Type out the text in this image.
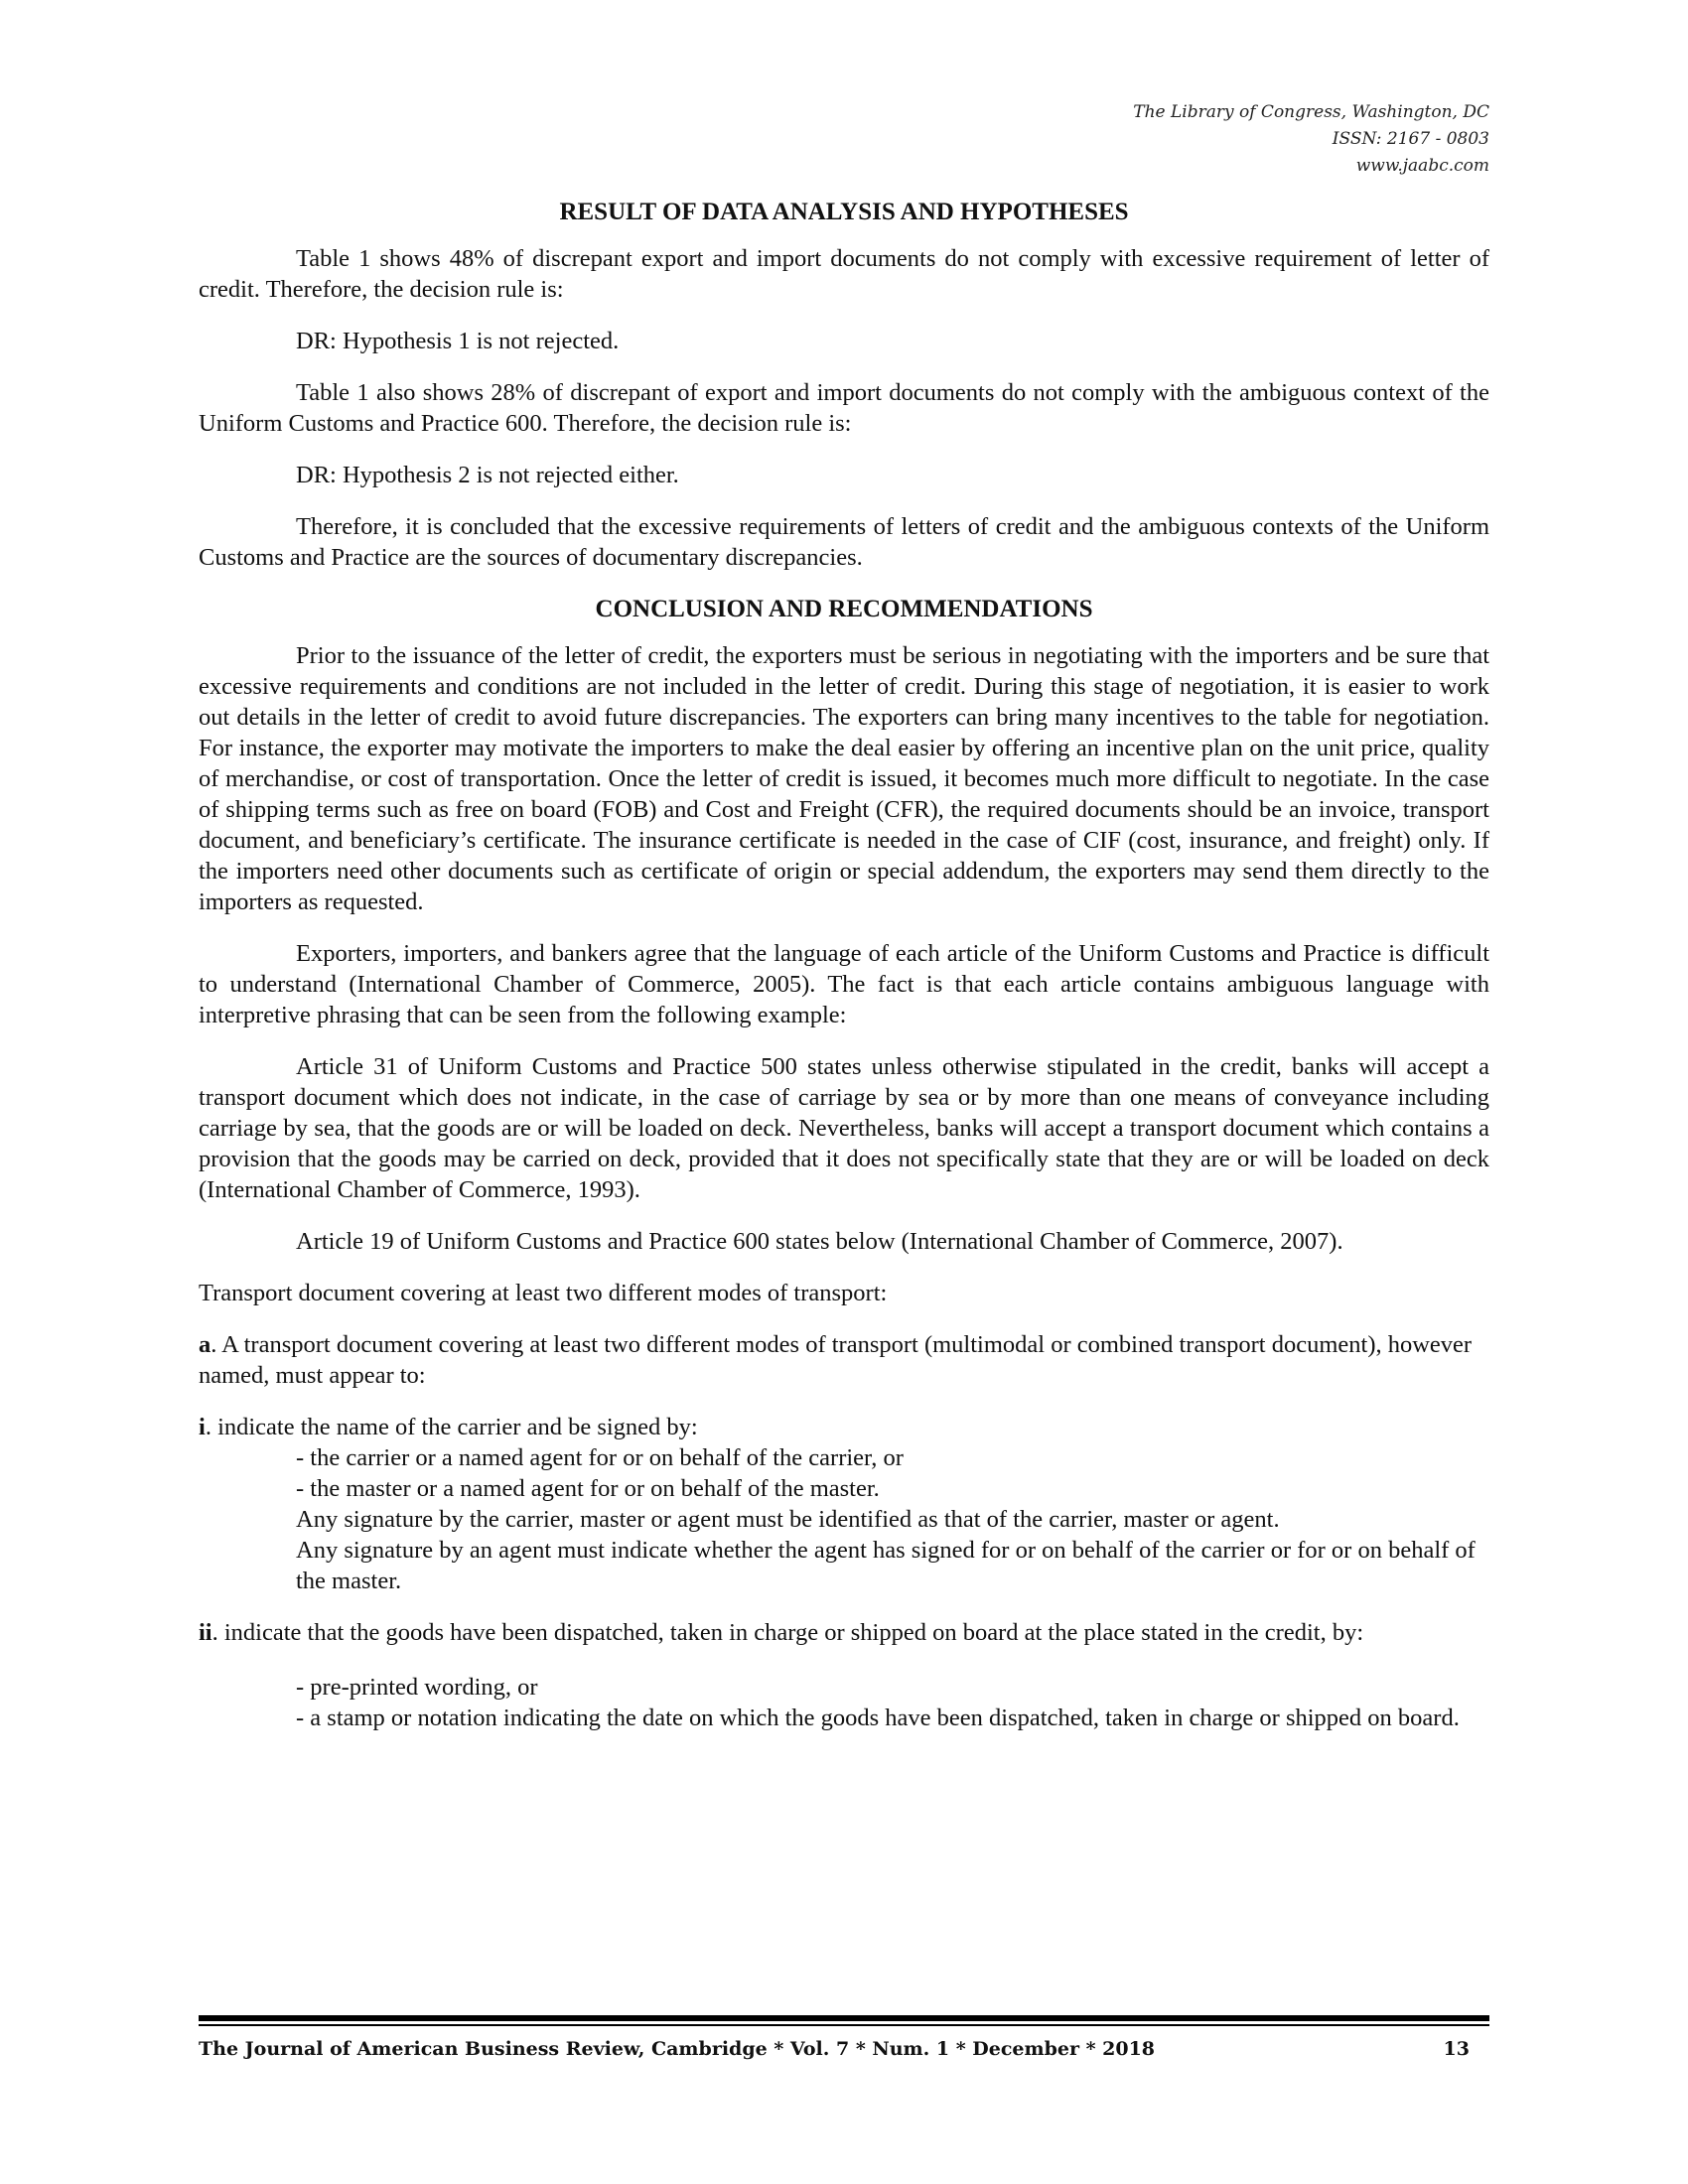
The Library of Congress, Washington, DC
ISSN: 2167 - 0803
www.jaabc.com
RESULT OF DATA ANALYSIS AND HYPOTHESES

Table 1 shows 48% of discrepant export and import documents do not comply with excessive requirement of letter of credit. Therefore, the decision rule is:

DR: Hypothesis 1 is not rejected.

Table 1 also shows 28% of discrepant of export and import documents do not comply with the ambiguous context of the Uniform Customs and Practice 600. Therefore, the decision rule is:

DR: Hypothesis 2 is not rejected either.

Therefore, it is concluded that the excessive requirements of letters of credit and the ambiguous contexts of the Uniform Customs and Practice are the sources of documentary discrepancies.

CONCLUSION AND RECOMMENDATIONS

Prior to the issuance of the letter of credit, the exporters must be serious in negotiating with the importers and be sure that excessive requirements and conditions are not included in the letter of credit. During this stage of negotiation, it is easier to work out details in the letter of credit to avoid future discrepancies. The exporters can bring many incentives to the table for negotiation. For instance, the exporter may motivate the importers to make the deal easier by offering an incentive plan on the unit price, quality of merchandise, or cost of transportation. Once the letter of credit is issued, it becomes much more difficult to negotiate. In the case of shipping terms such as free on board (FOB) and Cost and Freight (CFR), the required documents should be an invoice, transport document, and beneficiary’s certificate. The insurance certificate is needed in the case of CIF (cost, insurance, and freight) only. If the importers need other documents such as certificate of origin or special addendum, the exporters may send them directly to the importers as requested.

Exporters, importers, and bankers agree that the language of each article of the Uniform Customs and Practice is difficult to understand (International Chamber of Commerce, 2005). The fact is that each article contains ambiguous language with interpretive phrasing that can be seen from the following example:

Article 31 of Uniform Customs and Practice 500 states unless otherwise stipulated in the credit, banks will accept a transport document which does not indicate, in the case of carriage by sea or by more than one means of conveyance including carriage by sea, that the goods are or will be loaded on deck. Nevertheless, banks will accept a transport document which contains a provision that the goods may be carried on deck, provided that it does not specifically state that they are or will be loaded on deck (International Chamber of Commerce, 1993).

Article 19 of Uniform Customs and Practice 600 states below (International Chamber of Commerce, 2007).

Transport document covering at least two different modes of transport:

a. A transport document covering at least two different modes of transport (multimodal or combined transport document), however named, must appear to:

i. indicate the name of the carrier and be signed by:
- the carrier or a named agent for or on behalf of the carrier, or
- the master or a named agent for or on behalf of the master.
Any signature by the carrier, master or agent must be identified as that of the carrier, master or agent.
Any signature by an agent must indicate whether the agent has signed for or on behalf of the carrier or for or on behalf of the master.
ii. indicate that the goods have been dispatched, taken in charge or shipped on board at the place stated in the credit, by:
- pre-printed wording, or
- a stamp or notation indicating the date on which the goods have been dispatched, taken in charge or shipped on board.
The Journal of American Business Review, Cambridge * Vol. 7 * Num. 1 * December * 2018	13
